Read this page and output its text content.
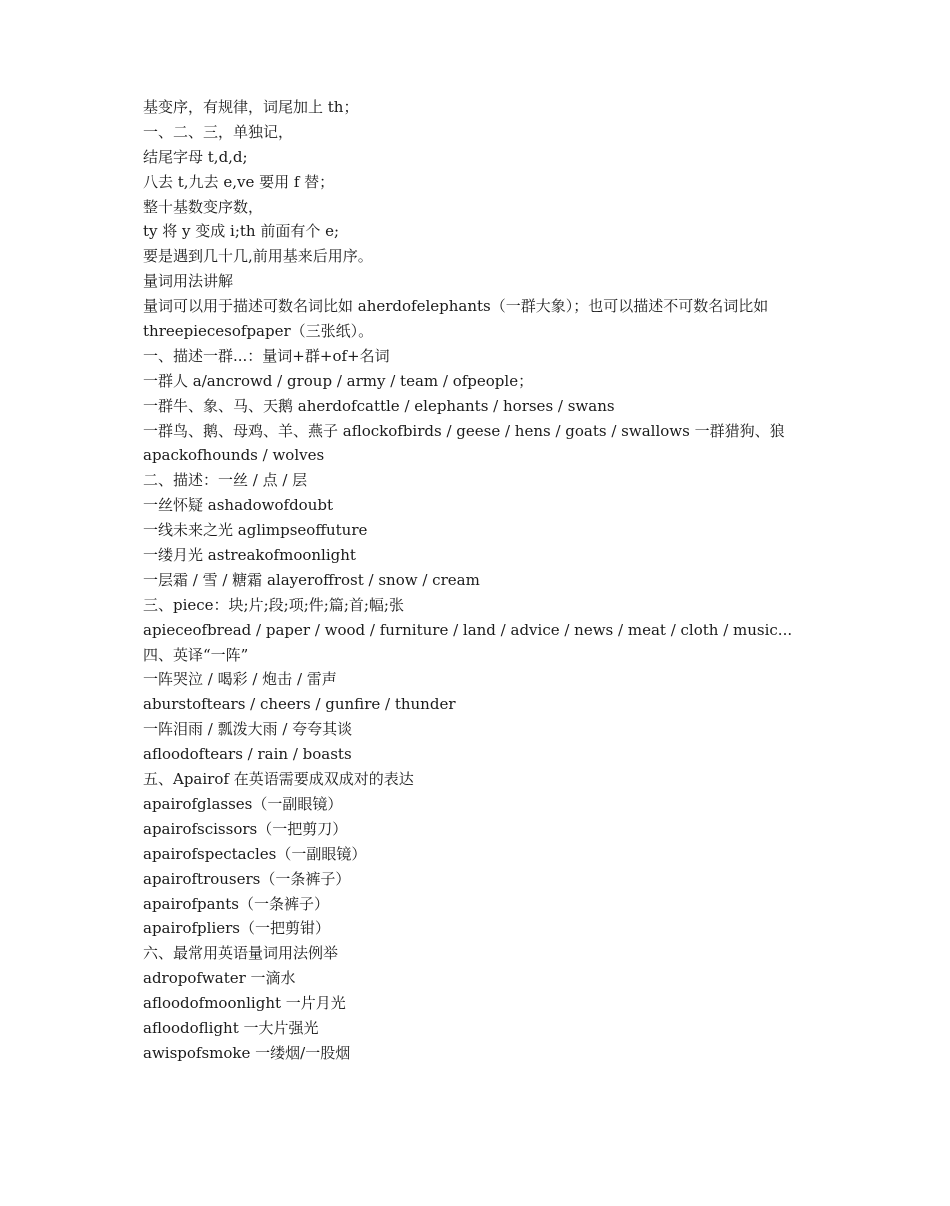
基变序，有规律，词尾加上 th；
一、二、三，单独记，
结尾字母 t,d,d;
八去 t,九去 e,ve 要用 f 替；
整十基数变序数，
ty 将 y 变成 i;th 前面有个 e;
要是遇到几十几,前用基来后用序。
量词用法讲解
量词可以用于描述可数名词比如 aherdofelephants（一群大象）；也可以描述不可数名词比如
threepiecesofpaper（三张纸）。
一、描述一群...：量词+群+of+名词
一群人 a/ancrowd / group / army / team / ofpeople；
一群牛、象、马、天鹅 aherdofcattle / elephants / horses / swans
一群鸟、鹅、母鸡、羊、燕子 aflockofbirds / geese / hens / goats / swallows 一群猎狗、狼
apackofhounds / wolves
二、描述：一丝 / 点 / 层
一丝怀疑 ashadowofdoubt
一线未来之光 aglimpseoffuture
一缕月光 astreakofmoonlight
一层霜 / 雪 / 糖霜 alayeroffrost / snow / cream
三、piece：块;片;段;项;件;篇;首;幅;张
apieceofbread / paper / wood / furniture / land / advice / news / meat / cloth / music...
四、英译“一阵”
一阵哭泣 / 喝彩 / 炮击 / 雷声
aburstoftears / cheers / gunfire / thunder
一阵泪雨 / 瓢泼大雨 / 夸夸其谈
afloodoftears / rain / boasts
五、Apairof 在英语需要成双成对的表达
apairofglasses（一副眼镜）
apairofscissors（一把剪刀）
apairofspectacles（一副眼镜）
apairoftrousers（一条裤子）
apairofpants（一条裤子）
apairofpliers（一把剪钳）
六、最常用英语量词用法例举
adropofwater 一滴水
afloodofmoonlight 一片月光
afloodoflight 一大片强光
awispofsmoke 一缕烟/一股烟
